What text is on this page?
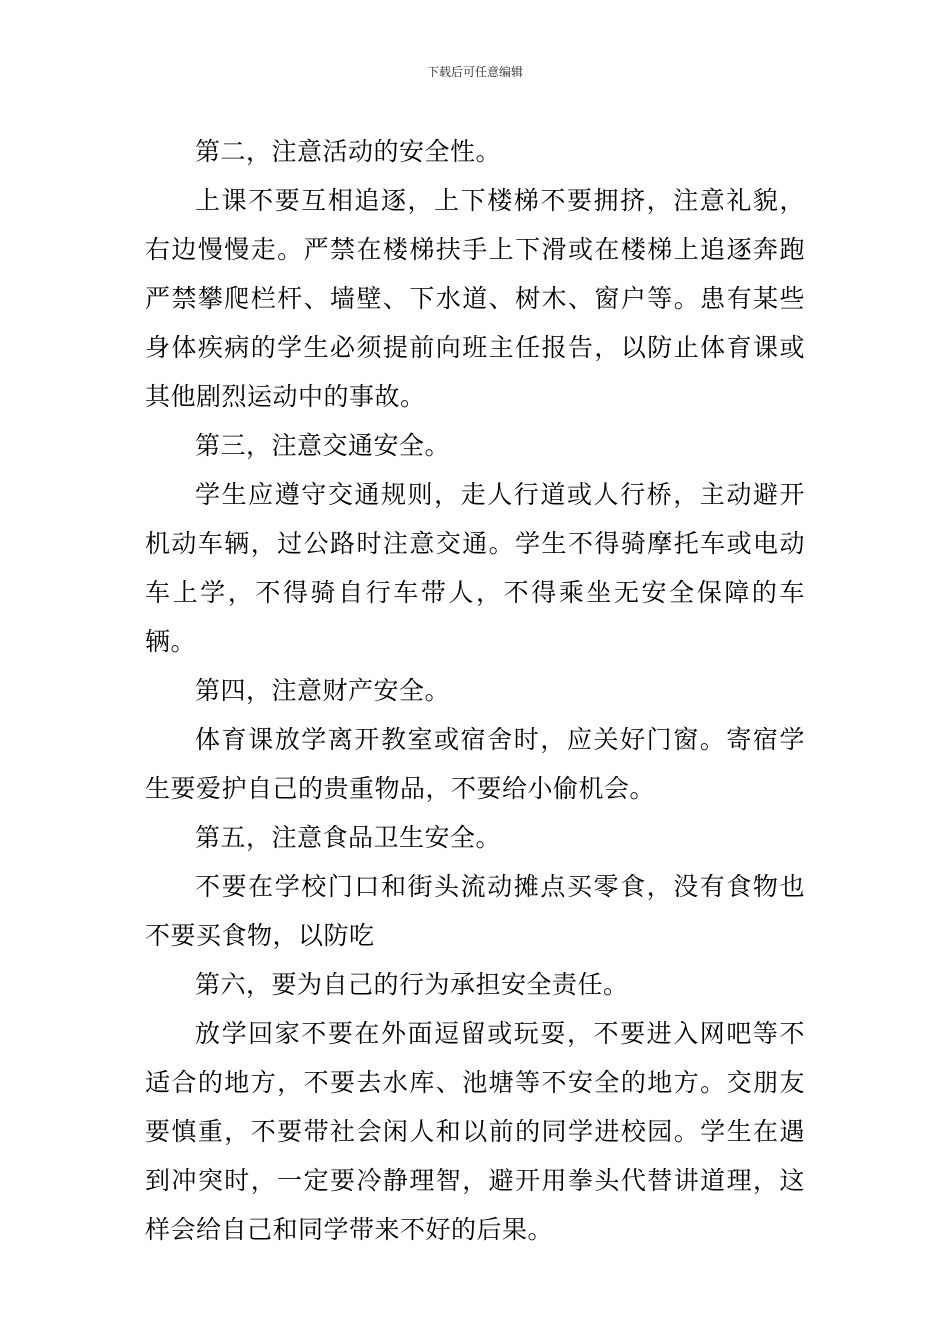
下载后可任意编辑

第二，注意活动的安全性。

上课不要互相追逐，上下楼梯不要拥挤，注意礼貌，右边慢慢走。严禁在楼梯扶手上下滑或在楼梯上追逐奔跑严禁攀爬栏杆、墙壁、下水道、树木、窗户等。患有某些身体疾病的学生必须提前向班主任报告，以防止体育课或其他剧烈运动中的事故。

第三，注意交通安全。

学生应遵守交通规则，走人行道或人行桥，主动避开机动车辆，过公路时注意交通。学生不得骑摩托车或电动车上学，不得骑自行车带人，不得乘坐无安全保障的车辆。

第四，注意财产安全。

体育课放学离开教室或宿舍时，应关好门窗。寄宿学生要爱护自己的贵重物品，不要给小偷机会。

第五，注意食品卫生安全。

不要在学校门口和街头流动摊点买零食，没有食物也不要买食物，以防吃

第六，要为自己的行为承担安全责任。

放学回家不要在外面逗留或玩耍，不要进入网吧等不适合的地方，不要去水库、池塘等不安全的地方。交朋友要慎重，不要带社会闲人和以前的同学进校园。学生在遇到冲突时，一定要冷静理智，避开用拳头代替讲道理，这样会给自己和同学带来不好的后果。
